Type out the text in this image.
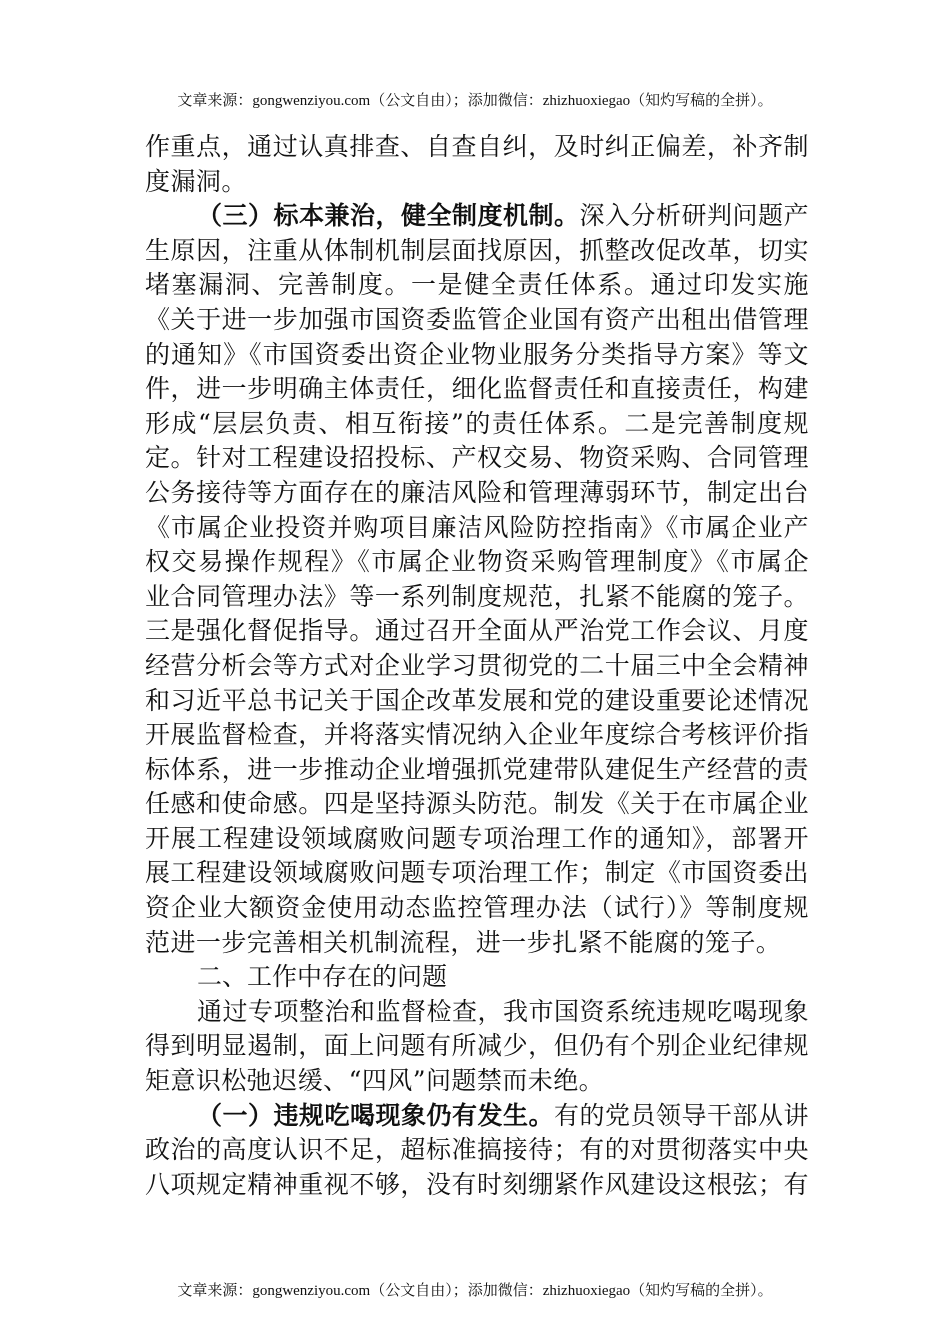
文章来源：gongwenziyou.com（公文自由）；添加微信：zhizhuoxiegao（知灼写稿的全拼）。
作重点，通过认真排查、自查自纠，及时纠正偏差，补齐制
度漏洞。
（三）标本兼治，健全制度机制。深入分析研判问题产
生原因，注重从体制机制层面找原因，抓整改促改革，切实
堵塞漏洞、完善制度。一是健全责任体系。通过印发实施
《关于进一步加强市国资委监管企业国有资产出租出借管理
的通知》《市国资委出资企业物业服务分类指导方案》等文
件，进一步明确主体责任，细化监督责任和直接责任，构建
形成“层层负责、相互衔接”的责任体系。二是完善制度规
定。针对工程建设招投标、产权交易、物资采购、合同管理
公务接待等方面存在的廉洁风险和管理薄弱环节，制定出台
《市属企业投资并购项目廉洁风险防控指南》《市属企业产
权交易操作规程》《市属企业物资采购管理制度》《市属企
业合同管理办法》等一系列制度规范，扎紧不能腐的笼子。
三是强化督促指导。通过召开全面从严治党工作会议、月度
经营分析会等方式对企业学习贯彻党的二十届三中全会精神
和习近平总书记关于国企改革发展和党的建设重要论述情况
开展监督检查，并将落实情况纳入企业年度综合考核评价指
标体系，进一步推动企业增强抓党建带队建促生产经营的责
任感和使命感。四是坚持源头防范。制发《关于在市属企业
开展工程建设领域腐败问题专项治理工作的通知》，部署开
展工程建设领域腐败问题专项治理工作；制定《市国资委出
资企业大额资金使用动态监控管理办法（试行）》等制度规
范进一步完善相关机制流程，进一步扎紧不能腐的笼子。
二、工作中存在的问题
通过专项整治和监督检查，我市国资系统违规吃喝现象
得到明显遏制，面上问题有所减少，但仍有个别企业纪律规
矩意识松弛迟缓、“四风”问题禁而未绝。
（一）违规吃喝现象仍有发生。有的党员领导干部从讲
政治的高度认识不足，超标准搞接待；有的对贯彻落实中央
八项规定精神重视不够，没有时刻绷紧作风建设这根弦；有
文章来源：gongwenziyou.com（公文自由）；添加微信：zhizhuoxiegao（知灼写稿的全拼）。
